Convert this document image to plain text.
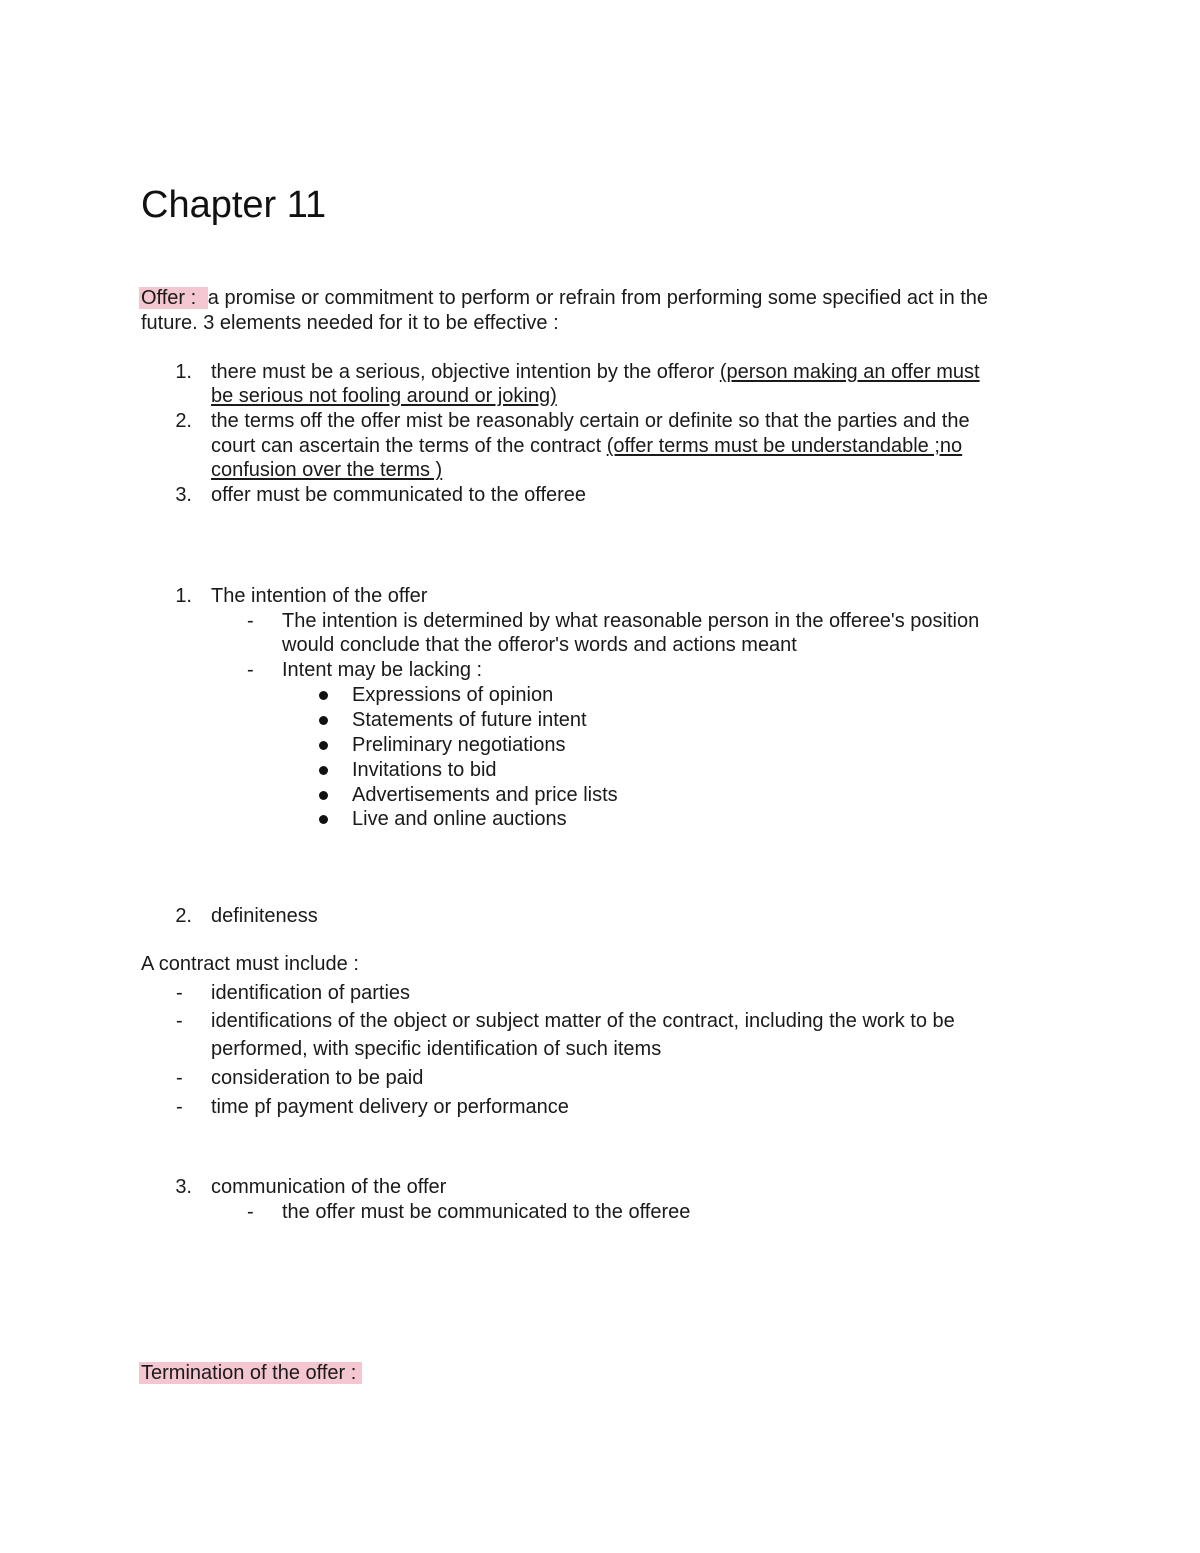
Chapter 11
Offer : a promise or commitment to perform or refrain from performing some specified act in the
future. 3 elements needed for it to be effective :
1. there must be a serious, objective intention by the offeror (person making an offer must
be serious not fooling around or joking)
2. the terms off the offer mist be reasonably certain or definite so that the parties and the
court can ascertain the terms of the contract (offer terms must be understandable ;no
confusion over the terms )
3. offer must be communicated to the offeree
1. The intention of the offer
- The intention is determined by what reasonable person in the offeree's position
would conclude that the offeror's words and actions meant
- Intent may be lacking :
Expressions of opinion
Statements of future intent
Preliminary negotiations
Invitations to bid
Advertisements and price lists
Live and online auctions
2. definiteness
A contract must include :
- identification of parties
- identifications of the object or subject matter of the contract, including the work to be
performed, with specific identification of such items
- consideration to be paid
- time pf payment delivery or performance
3. communication of the offer
- the offer must be communicated to the offeree
Termination of the offer :
